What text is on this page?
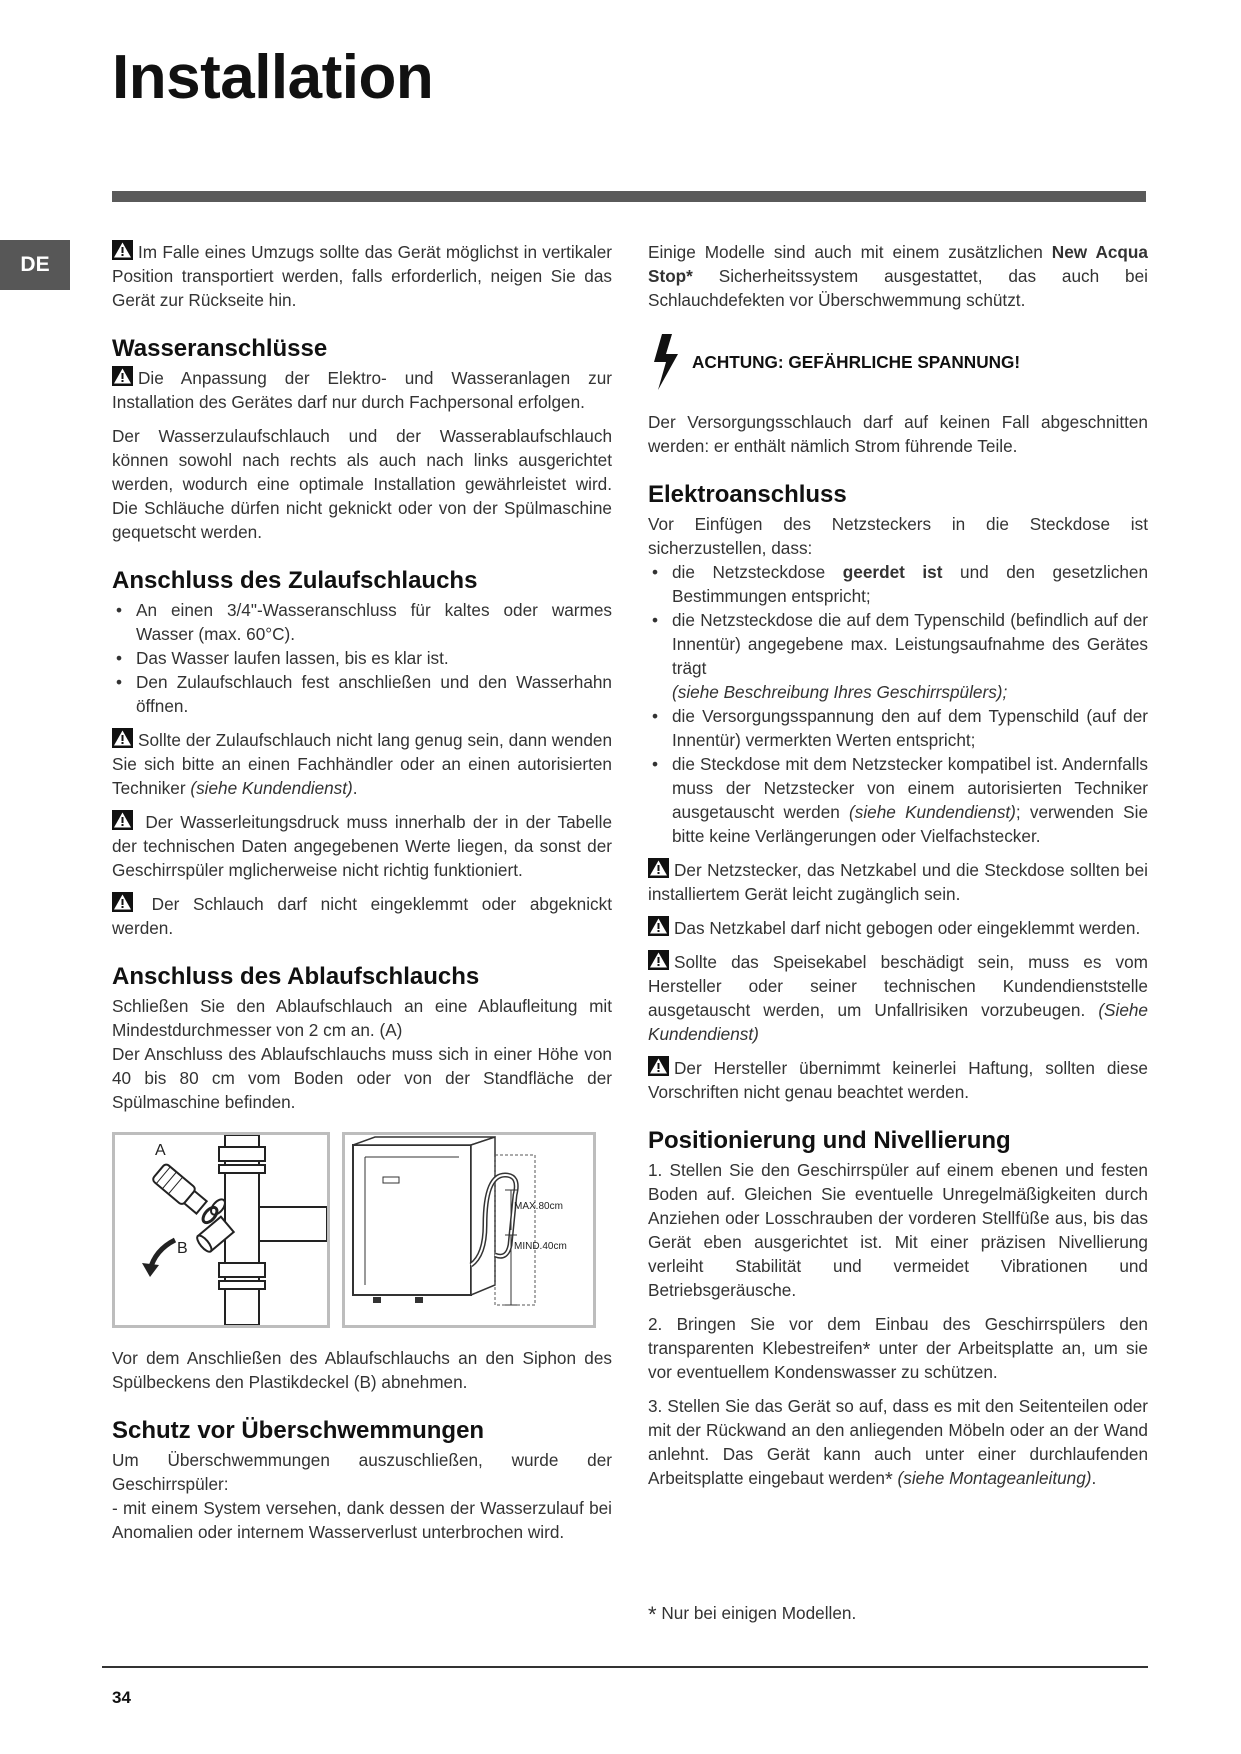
Installation
DE

Im Falle eines Umzugs sollte das Gerät möglichst in vertikaler Position transportiert werden, falls erforderlich, neigen Sie das Gerät zur Rückseite hin.

Wasseranschlüsse

Die Anpassung der Elektro- und Wasseranlagen zur Installation des Gerätes darf nur durch Fachpersonal erfolgen.

Der Wasserzulaufschlauch und der Wasserablaufschlauch können sowohl nach rechts als auch nach links ausgerichtet werden, wodurch eine optimale Installation gewährleistet wird. Die Schläuche dürfen nicht geknickt oder von der Spülmaschine gequetscht werden.

Anschluss des Zulaufschlauchs
• An einen 3/4"-Wasseranschluss für kaltes oder warmes Wasser (max. 60°C).
• Das Wasser laufen lassen, bis es klar ist.
• Den Zulaufschlauch fest anschließen und den Wasserhahn öffnen.

Sollte der Zulaufschlauch nicht lang genug sein, dann wenden Sie sich bitte an einen Fachhändler oder an einen autorisierten Techniker (siehe Kundendienst).

Der Wasserleitungsdruck muss innerhalb der in der Tabelle der technischen Daten angegebenen Werte liegen, da sonst der Geschirrspüler mglicherweise nicht richtig funktioniert.

Der Schlauch darf nicht eingeklemmt oder abgeknickt werden.

Anschluss des Ablaufschlauchs

Schließen Sie den Ablaufschlauch an eine Ablaufleitung mit Mindestdurchmesser von 2 cm an. (A)

Der Anschluss des Ablaufschlauchs muss sich in einer Höhe von 40 bis 80 cm vom Boden oder von der Standfläche der Spülmaschine befinden.

A
B
MAX.80cm
MIND.40cm

Vor dem Anschließen des Ablaufschlauchs an den Siphon des Spülbeckens den Plastikdeckel (B) abnehmen.

Schutz vor Überschwemmungen

Um Überschwemmungen auszuschließen, wurde der Geschirrspüler:

- mit einem System versehen, dank dessen der Wasserzulauf bei Anomalien oder internem Wasserverlust unterbrochen wird.

Einige Modelle sind auch mit einem zusätzlichen New Acqua Stop* Sicherheitssystem ausgestattet, das auch bei Schlauchdefekten vor Überschwemmung schützt.

ACHTUNG: GEFÄHRLICHE SPANNUNG!

Der Versorgungsschlauch darf auf keinen Fall abgeschnitten werden: er enthält nämlich Strom führende Teile.

Elektroanschluss

Vor Einfügen des Netzsteckers in die Steckdose ist sicherzustellen, dass:

• die Netzsteckdose geerdet ist und den gesetzlichen Bestimmungen entspricht;
• die Netzsteckdose die auf dem Typenschild (befindlich auf der Innentür) angegebene max. Leistungsaufnahme des Gerätes trägt
(siehe Beschreibung Ihres Geschirrspülers);
• die Versorgungsspannung den auf dem Typenschild (auf der Innentür) vermerkten Werten entspricht;
• die Steckdose mit dem Netzstecker kompatibel ist. Andernfalls muss der Netzstecker von einem autorisierten Techniker ausgetauscht werden (siehe Kundendienst); verwenden Sie bitte keine Verlängerungen oder Vielfachstecker.

Der Netzstecker, das Netzkabel und die Steckdose sollten bei installiertem Gerät leicht zugänglich sein.

Das Netzkabel darf nicht gebogen oder eingeklemmt werden.

Sollte das Speisekabel beschädigt sein, muss es vom Hersteller oder seiner technischen Kundendienststelle ausgetauscht werden, um Unfallrisiken vorzubeugen. (Siehe Kundendienst)

Der Hersteller übernimmt keinerlei Haftung, sollten diese Vorschriften nicht genau beachtet werden.

Positionierung und Nivellierung

1. Stellen Sie den Geschirrspüler auf einem ebenen und festen Boden auf. Gleichen Sie eventuelle Unregelmäßigkeiten durch Anziehen oder Losschrauben der vorderen Stellfüße aus, bis das Gerät eben ausgerichtet ist. Mit einer präzisen Nivellierung verleiht Stabilität und vermeidet Vibrationen und Betriebsgeräusche.

2. Bringen Sie vor dem Einbau des Geschirrspülers den transparenten Klebestreifen* unter der Arbeitsplatte an, um sie vor eventuellem Kondenswasser zu schützen.

3. Stellen Sie das Gerät so auf, dass es mit den Seitenteilen oder mit der Rückwand an den anliegenden Möbeln oder an der Wand anlehnt. Das Gerät kann auch unter einer durchlaufenden Arbeitsplatte eingebaut werden* (siehe Montageanleitung).

* Nur bei einigen Modellen.
34
